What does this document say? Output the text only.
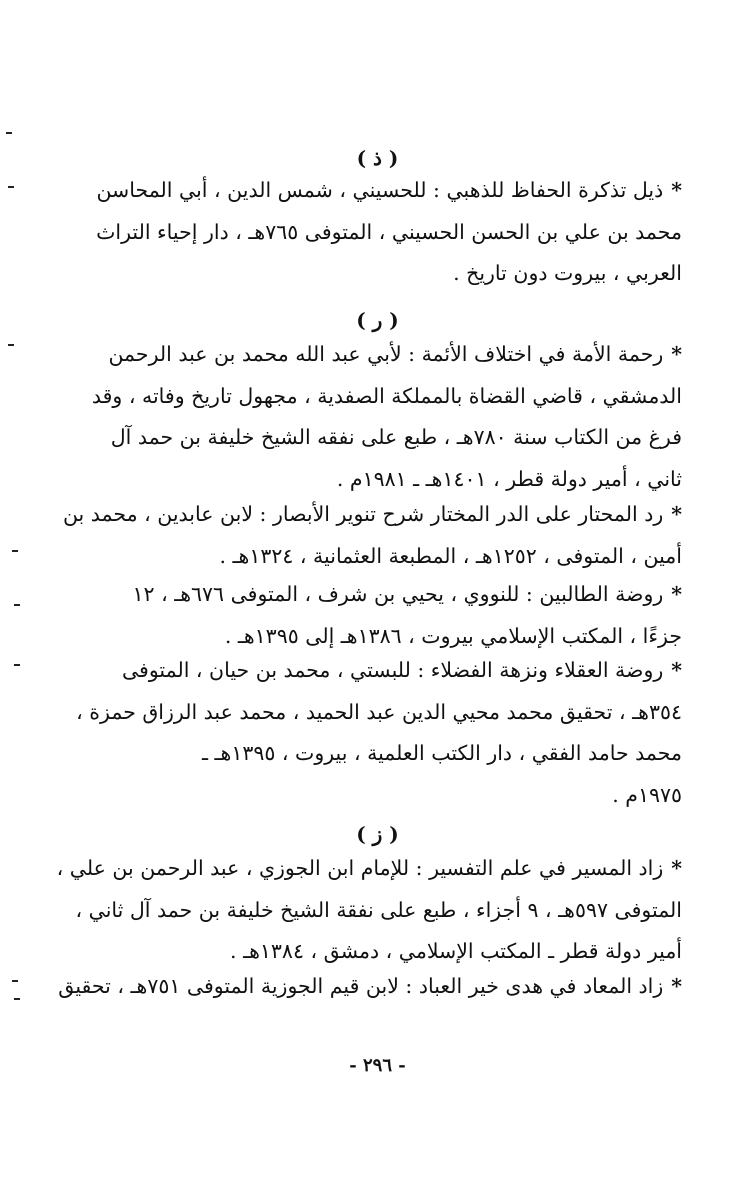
( ذ )
*ذيل تذكرة الحفاظ للذهبي : للحسيني ، شمس الدين ، أبي المحاسن
محمد بن علي بن الحسن الحسيني ، المتوفى ٧٦٥هـ ، دار إحياء التراث
العربي ، بيروت دون تاريخ .
( ر )
*رحمة الأمة في اختلاف الأئمة : لأبي عبد الله محمد بن عبد الرحمن
الدمشقي ، قاضي القضاة بالمملكة الصفدية ، مجهول تاريخ وفاته ، وقد
فرغ من الكتاب سنة ٧٨٠هـ ، طبع على نفقه الشيخ خليفة بن حمد آل
ثاني ، أمير دولة قطر ، ١٤٠١هـ ـ ١٩٨١م .
*رد المحتار على الدر المختار شرح تنوير الأبصار : لابن عابدين ، محمد بن
أمين ، المتوفى ، ١٢٥٢هـ ، المطبعة العثمانية ، ١٣٢٤هـ .
*روضة الطالبين : للنووي ، يحيي بن شرف ، المتوفى ٦٧٦هـ ، ١٢
جزءًا ، المكتب الإسلامي بيروت ، ١٣٨٦هـ إلى ١٣٩٥هـ .
*روضة العقلاء ونزهة الفضلاء : للبستي ، محمد بن حيان ، المتوفى
٣٥٤هـ ، تحقيق محمد محيي الدين عبد الحميد ، محمد عبد الرزاق حمزة ،
محمد حامد الفقي ، دار الكتب العلمية ، بيروت ، ١٣٩٥هـ ـ
١٩٧٥م .
( ز )
*زاد المسير في علم التفسير : للإمام ابن الجوزي ، عبد الرحمن بن علي ،
المتوفى ٥٩٧هـ ، ٩ أجزاء ، طبع على نفقة الشيخ خليفة بن حمد آل ثاني ،
أمير دولة قطر ـ المكتب الإسلامي ، دمشق ، ١٣٨٤هـ .
*زاد المعاد في هدى خير العباد : لابن قيم الجوزية المتوفى ٧٥١هـ ، تحقيق
- ٢٩٦ -
